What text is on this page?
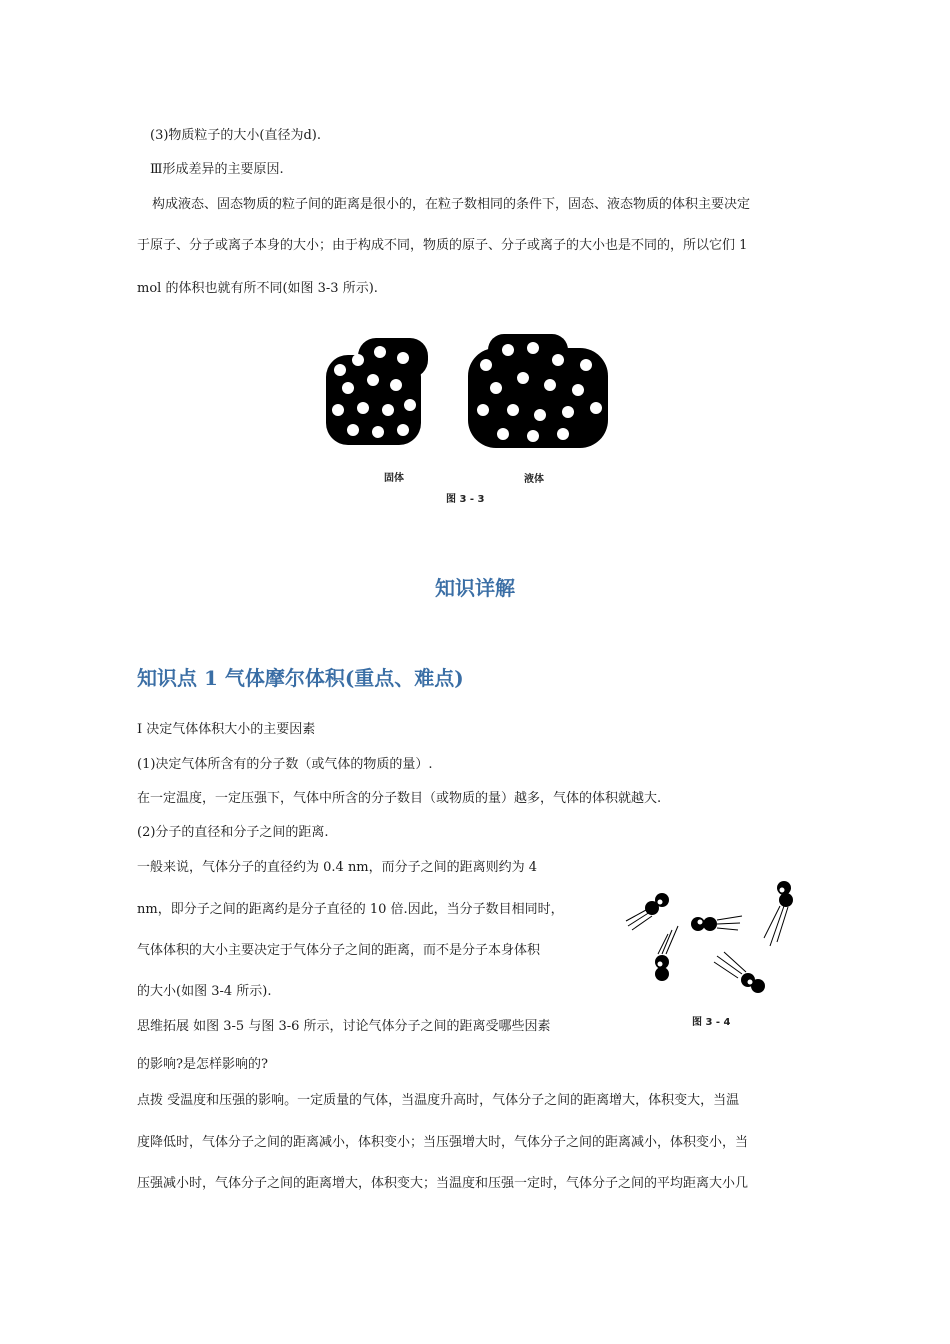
(3)物质粒子的大小(直径为d).
Ⅲ形成差异的主要原因.
构成液态、固态物质的粒子间的距离是很小的，在粒子数相同的条件下，固态、液态物质的体积主要决定
于原子、分子或离子本身的大小；由于构成不同，物质的原子、分子或离子的大小也是不同的，所以它们 1
mol 的体积也就有所不同(如图 3-3 所示).
固体	液体
图 3 - 3
知识详解
知识点 1 气体摩尔体积(重点、难点)
Ⅰ 决定气体体积大小的主要因素
(1)决定气体所含有的分子数（或气体的物质的量）.
在一定温度，一定压强下，气体中所含的分子数目（或物质的量）越多，气体的体积就越大.
(2)分子的直径和分子之间的距离.
一般来说，气体分子的直径约为 0.4 nm，而分子之间的距离则约为 4
nm，即分子之间的距离约是分子直径的 10 倍.因此，当分子数目相同时，
气体体积的大小主要决定于气体分子之间的距离，而不是分子本身体积
的大小(如图 3-4 所示).
思维拓展 如图 3-5 与图 3-6 所示，讨论气体分子之间的距离受哪些因素
的影响?是怎样影响的?
点拨 受温度和压强的影响。一定质量的气体，当温度升高时，气体分子之间的距离增大，体积变大，当温
度降低时，气体分子之间的距离减小，体积变小；当压强增大时，气体分子之间的距离减小，体积变小，当
压强减小时，气体分子之间的距离增大，体积变大；当温度和压强一定时，气体分子之间的平均距离大小几
图 3 - 4
